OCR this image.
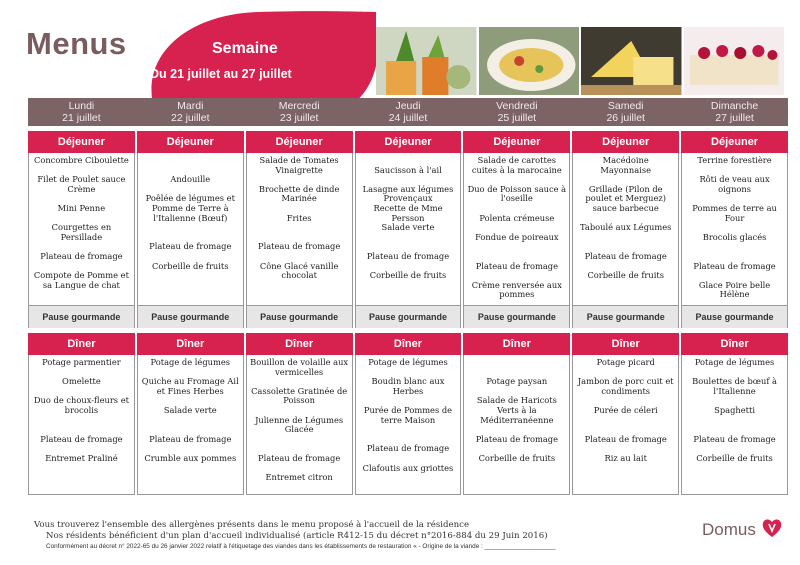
Menus	Semaine
Du 21 juillet au 27 juillet
Lundi
21 juillet
Déjeuner
Concombre Ciboulette

Filet de Poulet sauce Crème

Mini Penne

Courgettes en Persillade

Plateau de fromage

Compote de Pomme et sa Langue de chat
Pause gourmande
Dîner
Potage parmentier

Omelette

Duo de choux-fleurs et brocolis

Plateau de fromage

Entremet Praliné
Mardi
22 juillet
Déjeuner

Andouille

Poêlée de légumes et Pomme de Terre à l'Italienne (Bœuf)

Plateau de fromage

Corbeille de fruits
Pause gourmande
Dîner
Potage de légumes

Quiche au Fromage Ail et Fines Herbes

Salade verte

Plateau de fromage

Crumble aux pommes
Mercredi
23 juillet
Déjeuner
Salade de Tomates Vinaigrette

Brochette de dinde Marinée

Frites

Plateau de fromage

Cône Glacé vanille chocolat
Pause gourmande
Dîner
Bouillon de volaille aux vermicelles

Cassolette Gratinée de Poisson

Julienne de Légumes Glacée

Plateau de fromage

Entremet citron
Jeudi
24 juillet
Déjeuner

Saucisson à l'ail

Lasagne aux légumes Provençaux
Recette de Mme Persson
Salade verte

Plateau de fromage

Corbeille de fruits
Pause gourmande
Dîner
Potage de légumes

Boudin blanc aux Herbes

Purée de Pommes de terre Maison

Plateau de fromage

Clafoutis aux griottes
Vendredi
25 juillet
Déjeuner
Salade de carottes cuites à la marocaine

Duo de Poisson sauce à l'oseille

Polenta crémeuse

Fondue de poireaux

Plateau de fromage

Crème renversée aux pommes
Pause gourmande
Dîner

Potage paysan

Salade de Haricots Verts à la Méditerranéenne

Plateau de fromage

Corbeille de fruits
Samedi
26 juillet
Déjeuner
Macédoine Mayonnaise

Grillade (Pilon de poulet et Merguez) sauce barbecue

Taboulé aux Légumes

Plateau de fromage

Corbeille de fruits
Pause gourmande
Dîner
Potage picard

Jambon de porc cuit et condiments

Purée de céleri

Plateau de fromage

Riz au lait
Dimanche
27 juillet
Déjeuner
Terrine forestière

Rôti de veau aux oignons

Pommes de terre au Four

Brocolis glacés

Plateau de fromage

Glace Poire belle Hélène
Pause gourmande
Dîner
Potage de légumes

Boulettes de bœuf à l'Italienne

Spaghetti

Plateau de fromage

Corbeille de fruits
Vous trouverez l'ensemble des allergènes présents dans le menu proposé à l'accueil de la résidence
Nos résidents bénéficient d'un plan d'accueil individualisé (article R412-15 du décret n°2016-884 du 29 Juin 2016)
Conformément au décret n° 2022-65 du 26 janvier 2022 relatif à l'étiquetage des viandes dans les établissements de restauration « - Origine de la viande : ____________________
Domus
